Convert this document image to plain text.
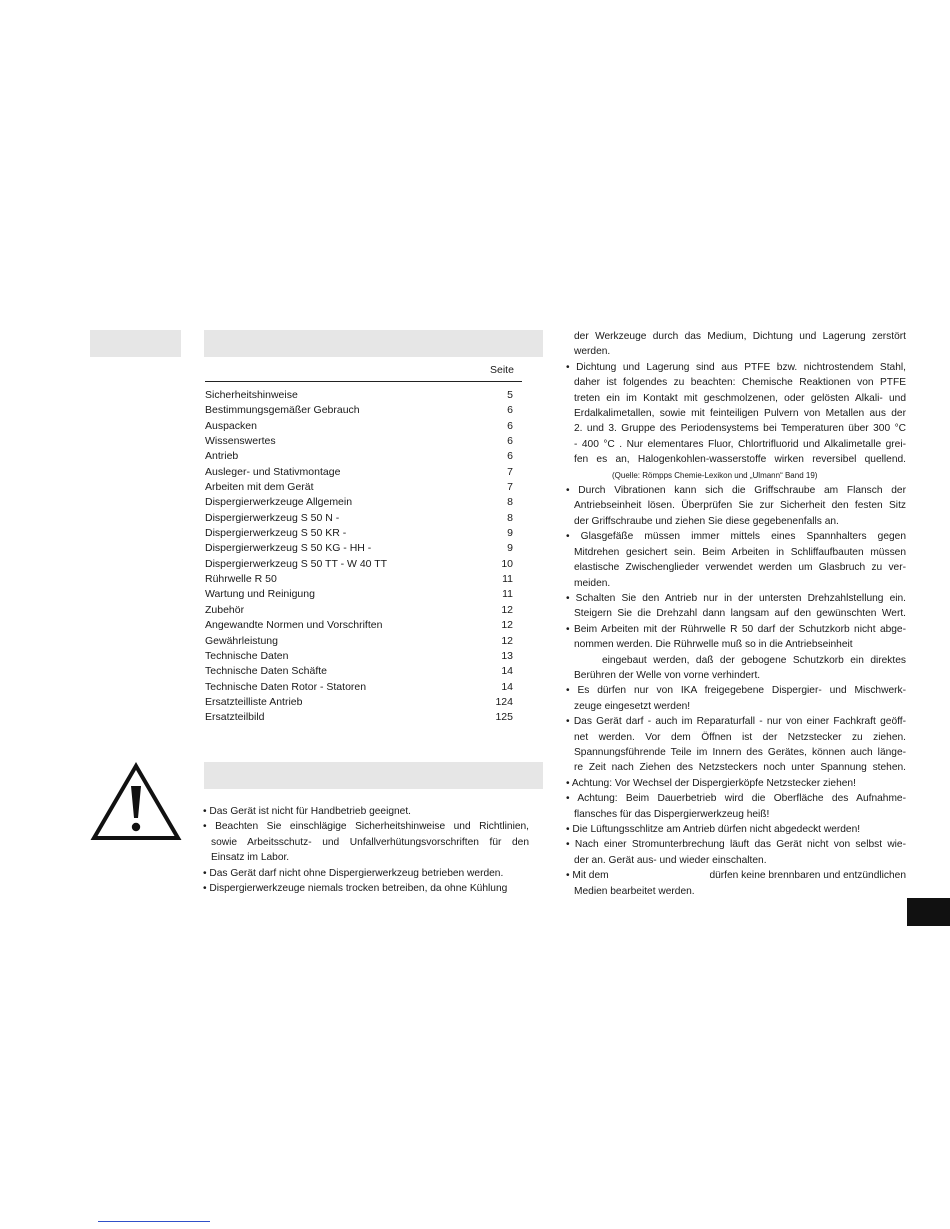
Seite
Sicherheitshinweise	5
Bestimmungsgemäßer Gebrauch	6
Auspacken	6
Wissenswertes	6
Antrieb	6
Ausleger- und Stativmontage	7
Arbeiten mit dem Gerät	7
Dispergierwerkzeuge Allgemein	8
Dispergierwerkzeug S 50 N -	8
Dispergierwerkzeug S 50 KR -	9
Dispergierwerkzeug S 50 KG - HH -	9
Dispergierwerkzeug S 50 TT - W 40 TT	10
Rührwelle R 50	11
Wartung und Reinigung	11
Zubehör	12
Angewandte Normen und Vorschriften	12
Gewährleistung	12
Technische Daten	13
Technische Daten Schäfte	14
Technische Daten Rotor - Statoren	14
Ersatzteilliste Antrieb	124
Ersatzteilbild	125
• Das Gerät ist nicht für Handbetrieb geeignet.
• Beachten Sie einschlägige Sicherheitshinweise und Richtlinien,
sowie Arbeitsschutz- und Unfallverhütungsvorschriften für den
Einsatz im Labor.
• Das Gerät darf nicht ohne Dispergierwerkzeug betrieben werden.
• Dispergierwerkzeuge niemals trocken betreiben, da ohne Kühlung
der Werkzeuge durch das Medium, Dichtung und Lagerung zerstört
werden.
• Dichtung und Lagerung sind aus PTFE bzw. nichtrostendem Stahl,
daher ist folgendes zu beachten: Chemische Reaktionen von PTFE
treten ein im Kontakt mit geschmolzenen, oder gelösten Alkali- und
Erdalkalimetallen, sowie mit feinteiligen Pulvern von Metallen aus der
2. und 3. Gruppe des Periodensystems bei Temperaturen über 300 °C
- 400 °C . Nur elementares Fluor, Chlortrifluorid und Alkalimetalle grei-
fen es an, Halogenkohlen-wasserstoffe wirken reversibel quellend.
(Quelle: Römpps Chemie-Lexikon und „Ulmann“ Band 19)
• Durch Vibrationen kann sich die Griffschraube am Flansch der
Antriebseinheit lösen. Überprüfen Sie zur Sicherheit den festen Sitz
der Griffschraube und ziehen Sie diese gegebenenfalls an.
• Glasgefäße müssen immer mittels eines Spannhalters gegen
Mitdrehen gesichert sein. Beim Arbeiten in Schliffaufbauten müssen
elastische Zwischenglieder verwendet werden um Glasbruch zu ver-
meiden.
• Schalten Sie den Antrieb nur in der untersten Drehzahlstellung ein.
Steigern Sie die Drehzahl dann langsam auf den gewünschten Wert.
• Beim Arbeiten mit der Rührwelle R 50 darf der Schutzkorb nicht abge-
nommen werden. Die Rührwelle muß so in die Antriebseinheit
eingebaut werden, daß der gebogene Schutzkorb ein direktes
Berühren der Welle von vorne verhindert.
• Es dürfen nur von IKA freigegebene Dispergier- und Mischwerk-
zeuge eingesetzt werden!
• Das Gerät darf - auch im Reparaturfall - nur von einer Fachkraft geöff-
net werden. Vor dem Öffnen ist der Netzstecker zu ziehen.
Spannungsführende Teile im Innern des Gerätes, können auch länge-
re Zeit nach Ziehen des Netzsteckers noch unter Spannung stehen.
• Achtung: Vor Wechsel der Dispergierköpfe Netzstecker ziehen!
• Achtung: Beim Dauerbetrieb wird die Oberfläche des Aufnahme-
flansches für das Dispergierwerkzeug heiß!
• Die Lüftungsschlitze am Antrieb dürfen nicht abgedeckt werden!
• Nach einer Stromunterbrechung läuft das Gerät nicht von selbst wie-
der an. Gerät aus- und wieder einschalten.
• Mit dem	dürfen keine brennbaren und entzündlichen
Medien bearbeitet werden.
